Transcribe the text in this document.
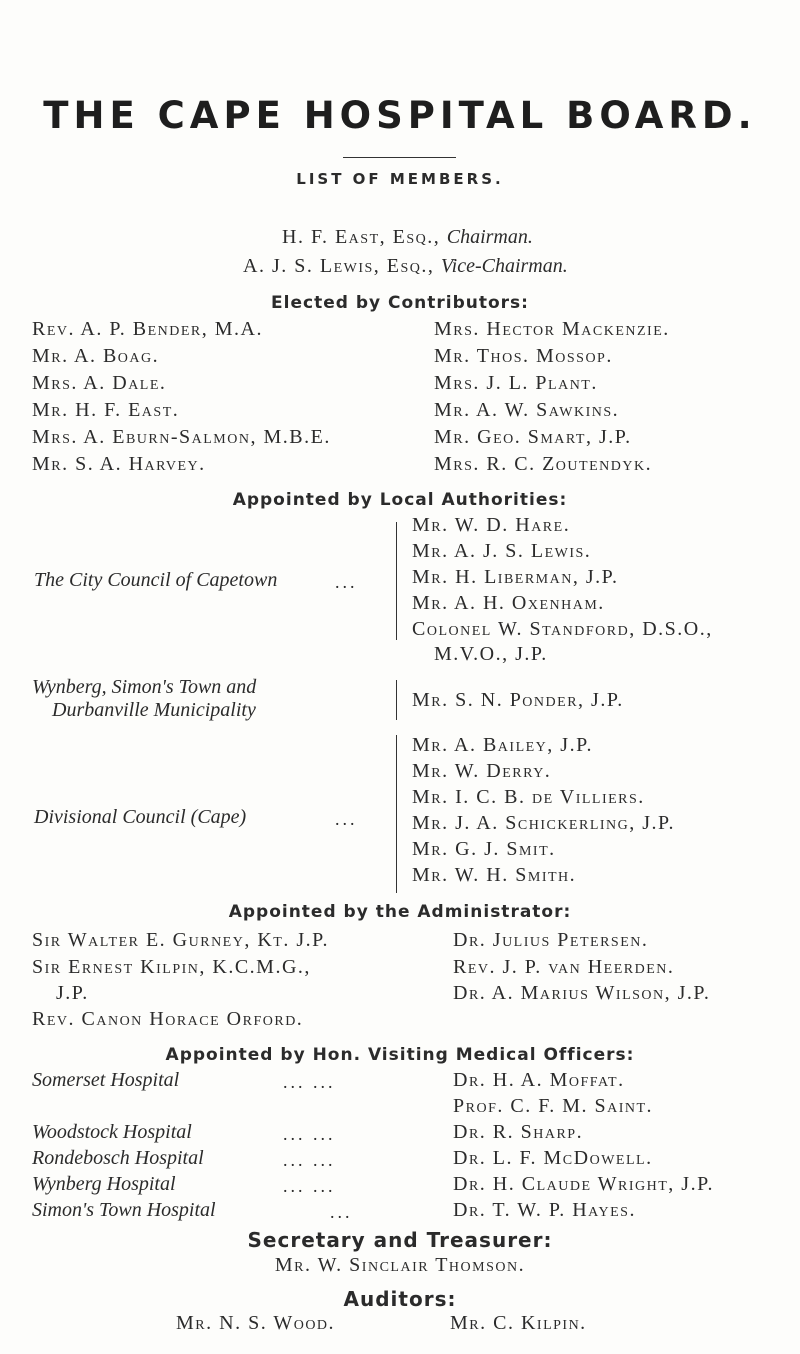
THE CAPE HOSPITAL BOARD.
LIST OF MEMBERS.
H. F. East, Esq., Chairman.
A. J. S. Lewis, Esq., Vice-Chairman.
Elected by Contributors:
Rev. A. P. Bender, M.A.
Mr. A. Boag.
Mrs. A. Dale.
Mr. H. F. East.
Mrs. A. Eburn-Salmon, M.B.E.
Mr. S. A. Harvey.
Mrs. Hector Mackenzie.
Mr. Thos. Mossop.
Mrs. J. L. Plant.
Mr. A. W. Sawkins.
Mr. Geo. Smart, J.P.
Mrs. R. C. Zoutendyk.
Appointed by Local Authorities:
The City Council of Capetown	...
Mr. W. D. Hare.
Mr. A. J. S. Lewis.
Mr. H. Liberman, J.P.
Mr. A. H. Oxenham.
Colonel W. Standford, D.S.O.,
M.V.O., J.P.
Wynberg, Simon's Town and
Durbanville Municipality	Mr. S. N. Ponder, J.P.
Divisional Council (Cape)	...
Mr. A. Bailey, J.P.
Mr. W. Derry.
Mr. I. C. B. de Villiers.
Mr. J. A. Schickerling, J.P.
Mr. G. J. Smit.
Mr. W. H. Smith.
Appointed by the Administrator:
Sir Walter E. Gurney, Kt. J.P.
Sir Ernest Kilpin, K.C.M.G.,
J.P.
Rev. Canon Horace Orford.
Dr. Julius Petersen.
Rev. J. P. van Heerden.
Dr. A. Marius Wilson, J.P.
Appointed by Hon. Visiting Medical Officers:
Somerset Hospital	... ...	Dr. H. A. Moffat.
Prof. C. F. M. Saint.
Woodstock Hospital	... ...	Dr. R. Sharp.
Rondebosch Hospital	... ...	Dr. L. F. McDowell.
Wynberg Hospital	... ...	Dr. H. Claude Wright, J.P.
Simon's Town Hospital	...	Dr. T. W. P. Hayes.
Secretary and Treasurer:
Mr. W. Sinclair Thomson.
Auditors:
Mr. N. S. Wood.	Mr. C. Kilpin.
